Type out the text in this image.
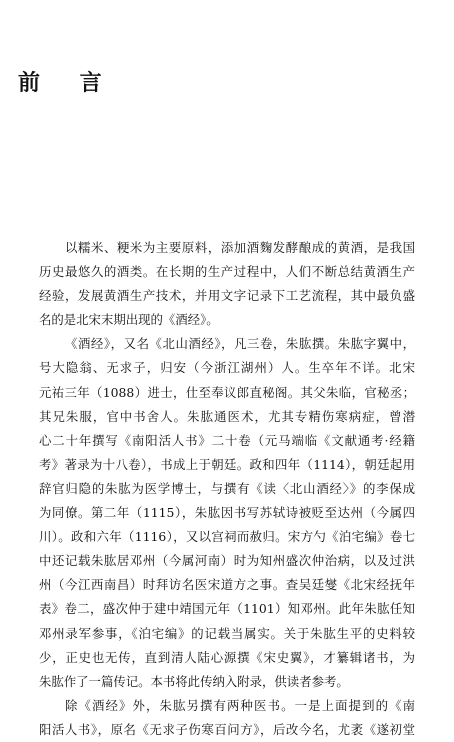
前 言
以糯米、粳米为主要原料，添加酒麴发酵酿成的黄酒，是我国
历史最悠久的酒类。在长期的生产过程中，人们不断总结黄酒生产
经验，发展黄酒生产技术，并用文字记录下工艺流程，其中最负盛
名的是北宋末期出现的《酒经》。
《酒经》，又名《北山酒经》，凡三卷，朱肱撰。朱肱字翼中，
号大隐翁、无求子，归安（今浙江湖州）人。生卒年不详。北宋
元祐三年（1088）进士，仕至奉议郎直秘阁。其父朱临，官秘丞；
其兄朱服，官中书舍人。朱肱通医术，尤其专精伤寒病症，曾潜
心二十年撰写《南阳活人书》二十卷（元马端临《文献通考·经籍
考》著录为十八卷），书成上于朝廷。政和四年（1114），朝廷起用
辞官归隐的朱肱为医学博士，与撰有《读〈北山酒经〉》的李保成
为同僚。第二年（1115），朱肱因书写苏轼诗被贬至达州（今属四
川）。政和六年（1116），又以宫祠而赦归。宋方勺《泊宅编》卷七
中还记载朱肱居邓州（今属河南）时为知州盛次仲治病，以及过洪
州（今江西南昌）时拜访名医宋道方之事。查吴廷燮《北宋经抚年
表》卷二，盛次仲于建中靖国元年（1101）知邓州。此年朱肱任知
邓州录军参事，《泊宅编》的记载当属实。关于朱肱生平的史料较
少，正史也无传，直到清人陆心源撰《宋史翼》，才纂辑诸书，为
朱肱作了一篇传记。本书将此传纳入附录，供读者参考。
除《酒经》外，朱肱另撰有两种医书。一是上面提到的《南
阳活人书》，原名《无求子伤寒百问方》，后改今名，尤袤《遂初堂
